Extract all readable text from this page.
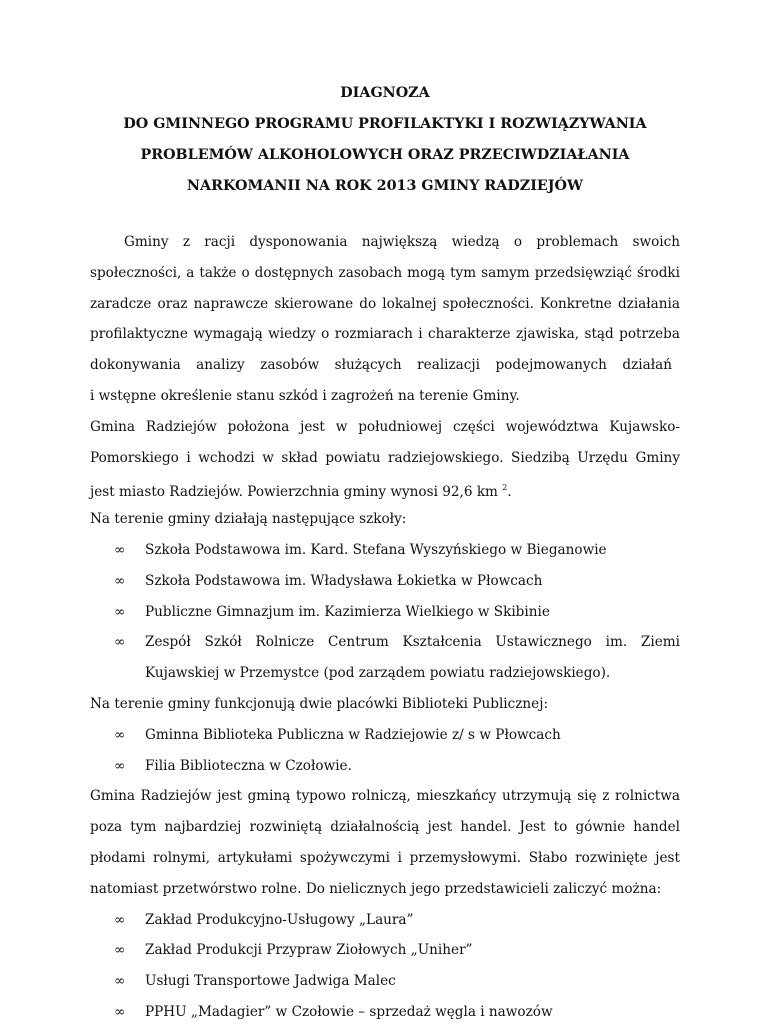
DIAGNOZA

DO GMINNEGO PROGRAMU PROFILAKTYKI I ROZWIĄZYWANIA

PROBLEMÓW ALKOHOLOWYCH ORAZ PRZECIWDZIAŁANIA

NARKOMANII NA ROK 2013 GMINY RADZIEJÓW

Gminy z racji dysponowania największą wiedzą o problemach swoich
społeczności, a także o dostępnych zasobach mogą tym samym przedsięwziąć środki
zaradcze oraz naprawcze skierowane do lokalnej społeczności. Konkretne działania
profilaktyczne wymagają wiedzy o rozmiarach i charakterze zjawiska, stąd potrzeba
dokonywania analizy zasobów służących realizacji podejmowanych działań
i wstępne określenie stanu szkód i zagrożeń na terenie Gminy.
Gmina Radziejów położona jest w południowej części województwa Kujawsko-
Pomorskiego i wchodzi w skład powiatu radziejowskiego. Siedzibą Urzędu Gminy
jest miasto Radziejów. Powierzchnia gminy wynosi 92,6 km $^2$.
Na terenie gminy działają następujące szkoły:
∞ Szkoła Podstawowa im. Kard. Stefana Wyszyńskiego w Bieganowie
∞ Szkoła Podstawowa im. Władysława Łokietka w Płowcach
∞ Publiczne Gimnazjum im. Kazimierza Wielkiego w Skibinie
∞	Zespół Szkół Rolnicze Centrum Kształcenia Ustawicznego im. Ziemi
Kujawskiej w Przemystce (pod zarządem powiatu radziejowskiego).
Na terenie gminy funkcjonują dwie placówki Biblioteki Publicznej:
∞ Gminna Biblioteka Publiczna w Radziejowie z/ s w Płowcach
∞ Filia Biblioteczna w Czołowie.
Gmina Radziejów jest gminą typowo rolniczą, mieszkańcy utrzymują się z rolnictwa
poza tym najbardziej rozwiniętą działalnością jest handel. Jest to gównie handel
płodami rolnymi, artykułami spożywczymi i przemysłowymi. Słabo rozwinięte jest
natomiast przetwórstwo rolne. Do nielicznych jego przedstawicieli zaliczyć można:
∞ Zakład Produkcyjno-Usługowy „Laura”
∞ Zakład Produkcji Przypraw Ziołowych „Uniher”
∞ Usługi Transportowe Jadwiga Malec
∞ PPHU „Madagier” w Czołowie – sprzedaż węgla i nawozów
